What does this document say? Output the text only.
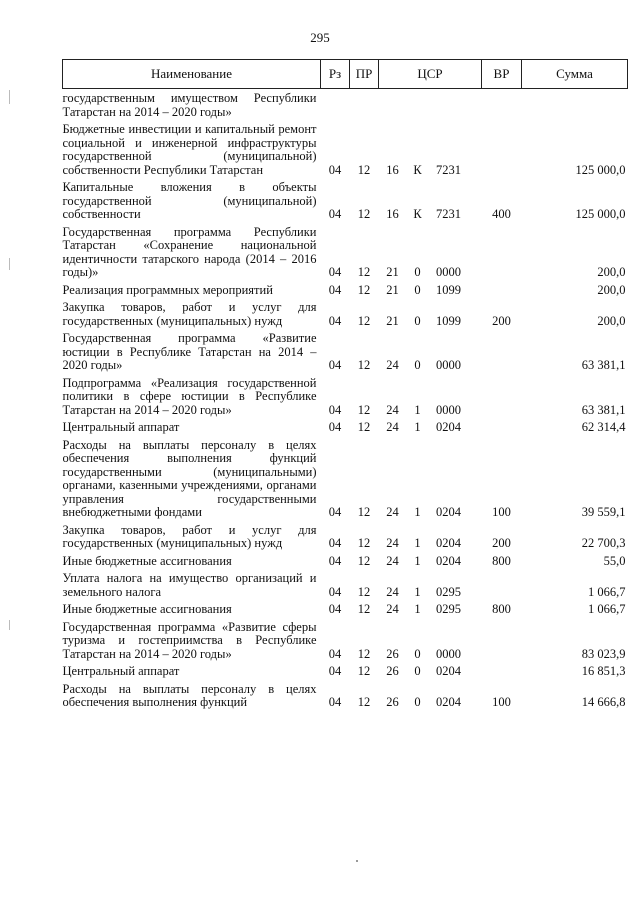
295
Наименование	Рз	ПР	ЦСР	ВР	Сумма
государственным имуществом Республики Татарстан на 2014 – 2020 годы»			

Бюджетные инвестиции и капитальный ремонт социальной и инженерной инфраструктуры государственной (муниципальной) собственности Республики Татарстан	04	12	16 К 7231		125 000,0
Капитальные вложения в объекты государственной (муниципальной) собственности	04	12	16 К 7231	400	125 000,0
Государственная программа Республики Татарстан «Сохранение национальной идентичности татарского народа (2014 – 2016 годы)»	04	12	21 0 0000		200,0
Реализация программных мероприятий	04	12	21 0 1099		200,0
Закупка товаров, работ и услуг для государственных (муниципальных) нужд	04	12	21 0 1099	200	200,0
Государственная программа «Развитие юстиции в Республике Татарстан на 2014 – 2020 годы»	04	12	24 0 0000		63 381,1
Подпрограмма «Реализация государственной политики в сфере юстиции в Республике Татарстан на 2014 – 2020 годы»	04	12	24 1 0000		63 381,1
Центральный аппарат	04	12	24 1 0204		62 314,4
Расходы на выплаты персоналу в целях обеспечения выполнения функций государственными (муниципальными) органами, казенными учреждениями, органами управления государственными внебюджетными фондами	04	12	24 1 0204	100	39 559,1
Закупка товаров, работ и услуг для государственных (муниципальных) нужд	04	12	24 1 0204	200	22 700,3
Иные бюджетные ассигнования	04	12	24 1 0204	800	55,0
Уплата налога на имущество организаций и земельного налога	04	12	24 1 0295		1 066,7
Иные бюджетные ассигнования	04	12	24 1 0295	800	1 066,7
Государственная программа «Развитие сферы туризма и гостеприимства в Республике Татарстан на 2014 – 2020 годы»	04	12	26 0 0000		83 023,9
Центральный аппарат	04	12	26 0 0204		16 851,3
Расходы на выплаты персоналу в целях обеспечения выполнения функций	04	12	26 0 0204	100	14 666,8
